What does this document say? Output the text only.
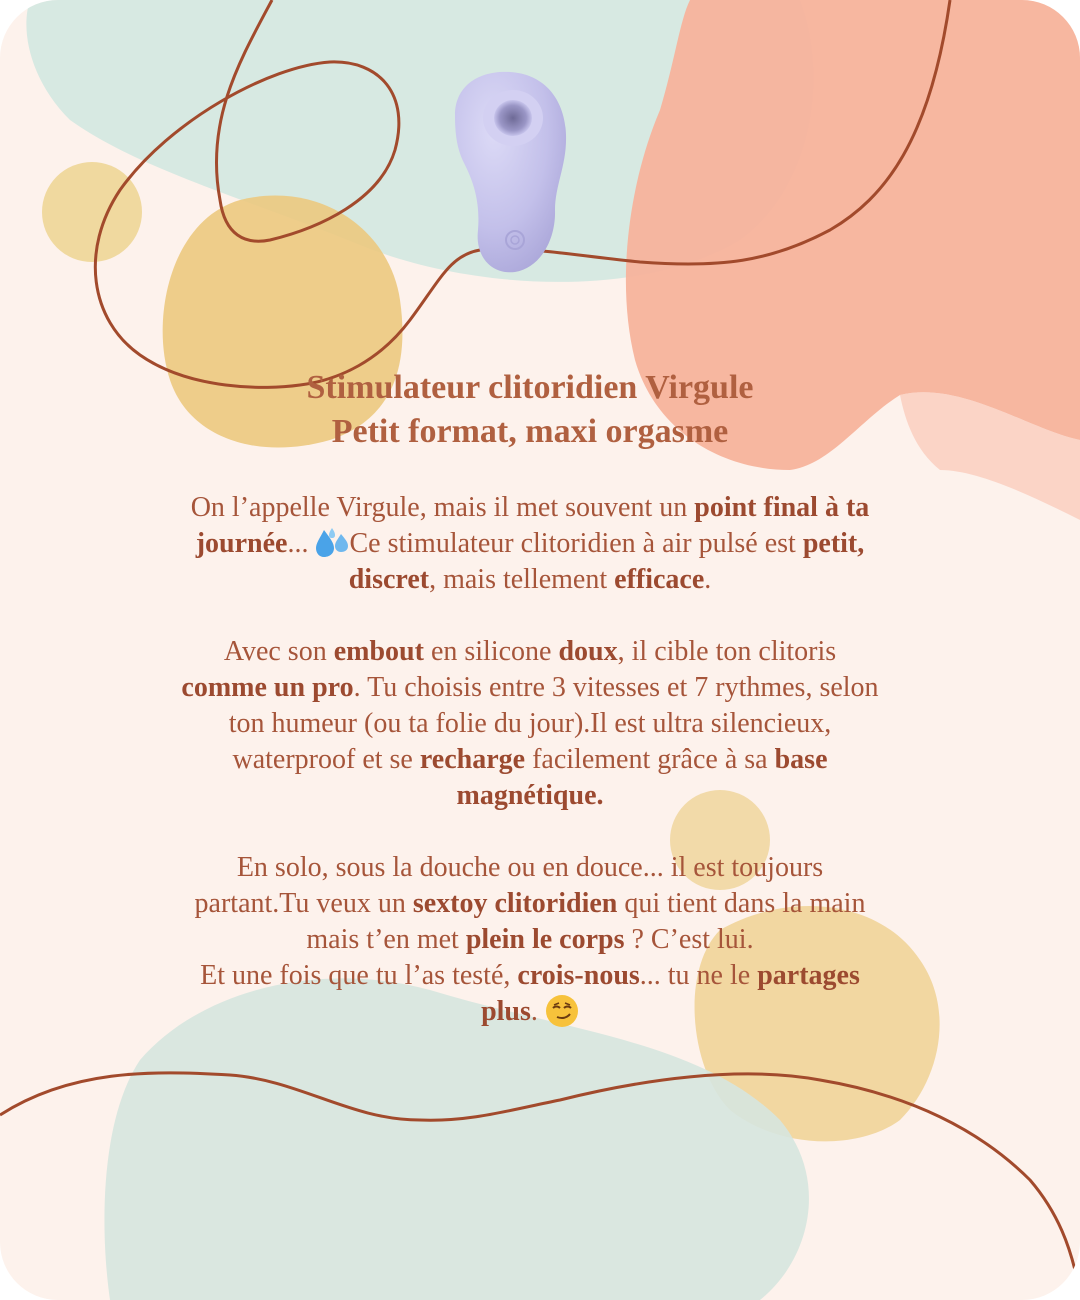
Stimulateur clitoridien Virgule
Petit format, maxi orgasme

On l’appelle Virgule, mais il met souvent un point final à ta journée... Ce stimulateur clitoridien à air pulsé est petit, discret, mais tellement efficace.

Avec son embout en silicone doux, il cible ton clitoris comme un pro. Tu choisis entre 3 vitesses et 7 rythmes, selon ton humeur (ou ta folie du jour).Il est ultra silencieux, waterproof et se recharge facilement grâce à sa base magnétique.

En solo, sous la douche ou en douce... il est toujours partant.Tu veux un sextoy clitoridien qui tient dans la main mais t’en met plein le corps ? C’est lui.
Et une fois que tu l’as testé, crois-nous... tu ne le partages plus.
